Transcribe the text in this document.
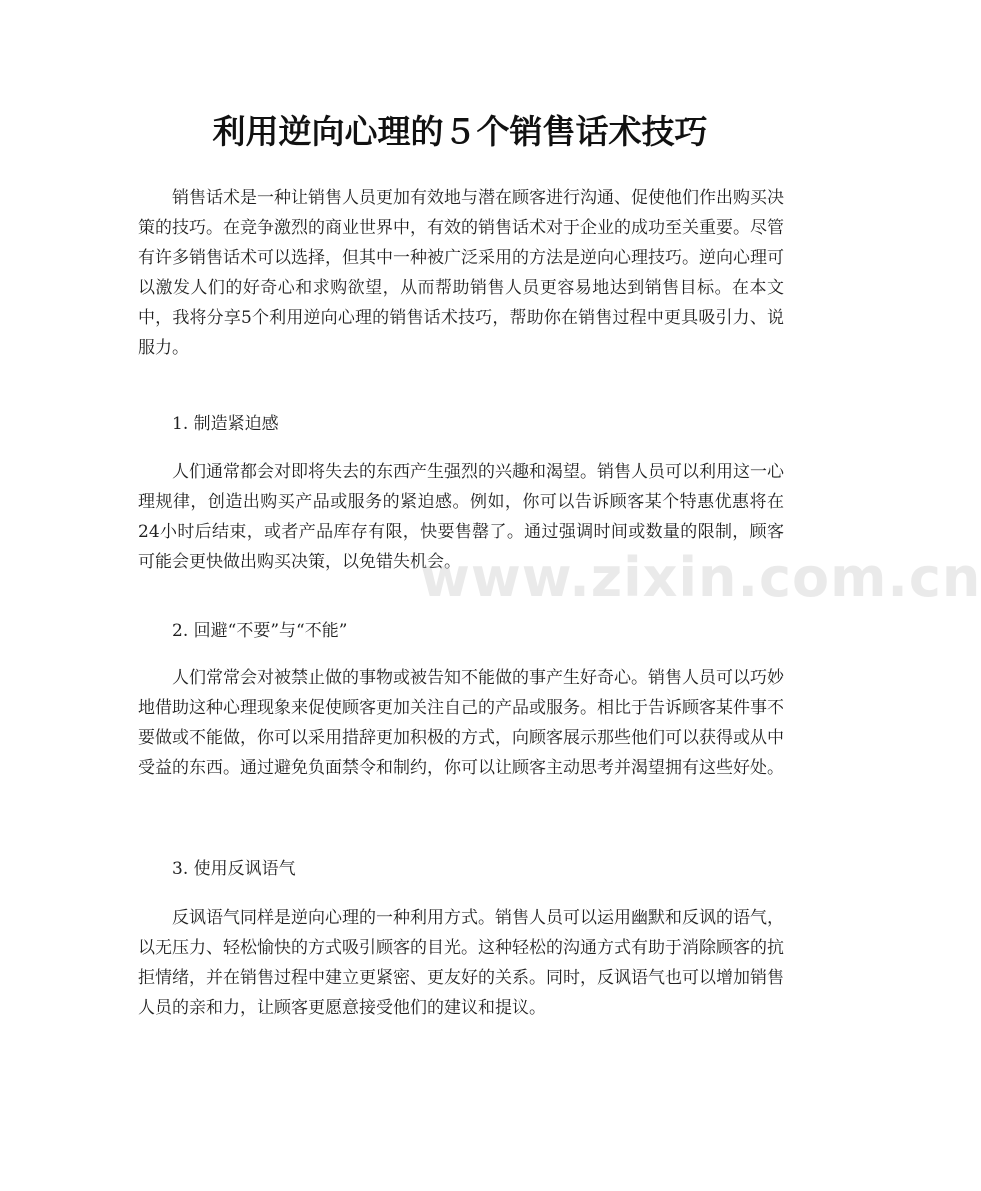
利用逆向心理的５个销售话术技巧

销售话术是一种让销售人员更加有效地与潜在顾客进行沟通、促使他们作出购买决策的技巧。在竞争激烈的商业世界中，有效的销售话术对于企业的成功至关重要。尽管有许多销售话术可以选择，但其中一种被广泛采用的方法是逆向心理技巧。逆向心理可以激发人们的好奇心和求购欲望，从而帮助销售人员更容易地达到销售目标。在本文中，我将分享5个利用逆向心理的销售话术技巧，帮助你在销售过程中更具吸引力、说服力。

1. 制造紧迫感

人们通常都会对即将失去的东西产生强烈的兴趣和渴望。销售人员可以利用这一心理规律，创造出购买产品或服务的紧迫感。例如，你可以告诉顾客某个特惠优惠将在24小时后结束，或者产品库存有限，快要售罄了。通过强调时间或数量的限制，顾客可能会更快做出购买决策，以免错失机会。

2. 回避“不要”与“不能”

人们常常会对被禁止做的事物或被告知不能做的事产生好奇心。销售人员可以巧妙地借助这种心理现象来促使顾客更加关注自己的产品或服务。相比于告诉顾客某件事不要做或不能做，你可以采用措辞更加积极的方式，向顾客展示那些他们可以获得或从中受益的东西。通过避免负面禁令和制约，你可以让顾客主动思考并渴望拥有这些好处。

3. 使用反讽语气

反讽语气同样是逆向心理的一种利用方式。销售人员可以运用幽默和反讽的语气，以无压力、轻松愉快的方式吸引顾客的目光。这种轻松的沟通方式有助于消除顾客的抗拒情绪，并在销售过程中建立更紧密、更友好的关系。同时，反讽语气也可以增加销售人员的亲和力，让顾客更愿意接受他们的建议和提议。

www.zixin.com.cn
